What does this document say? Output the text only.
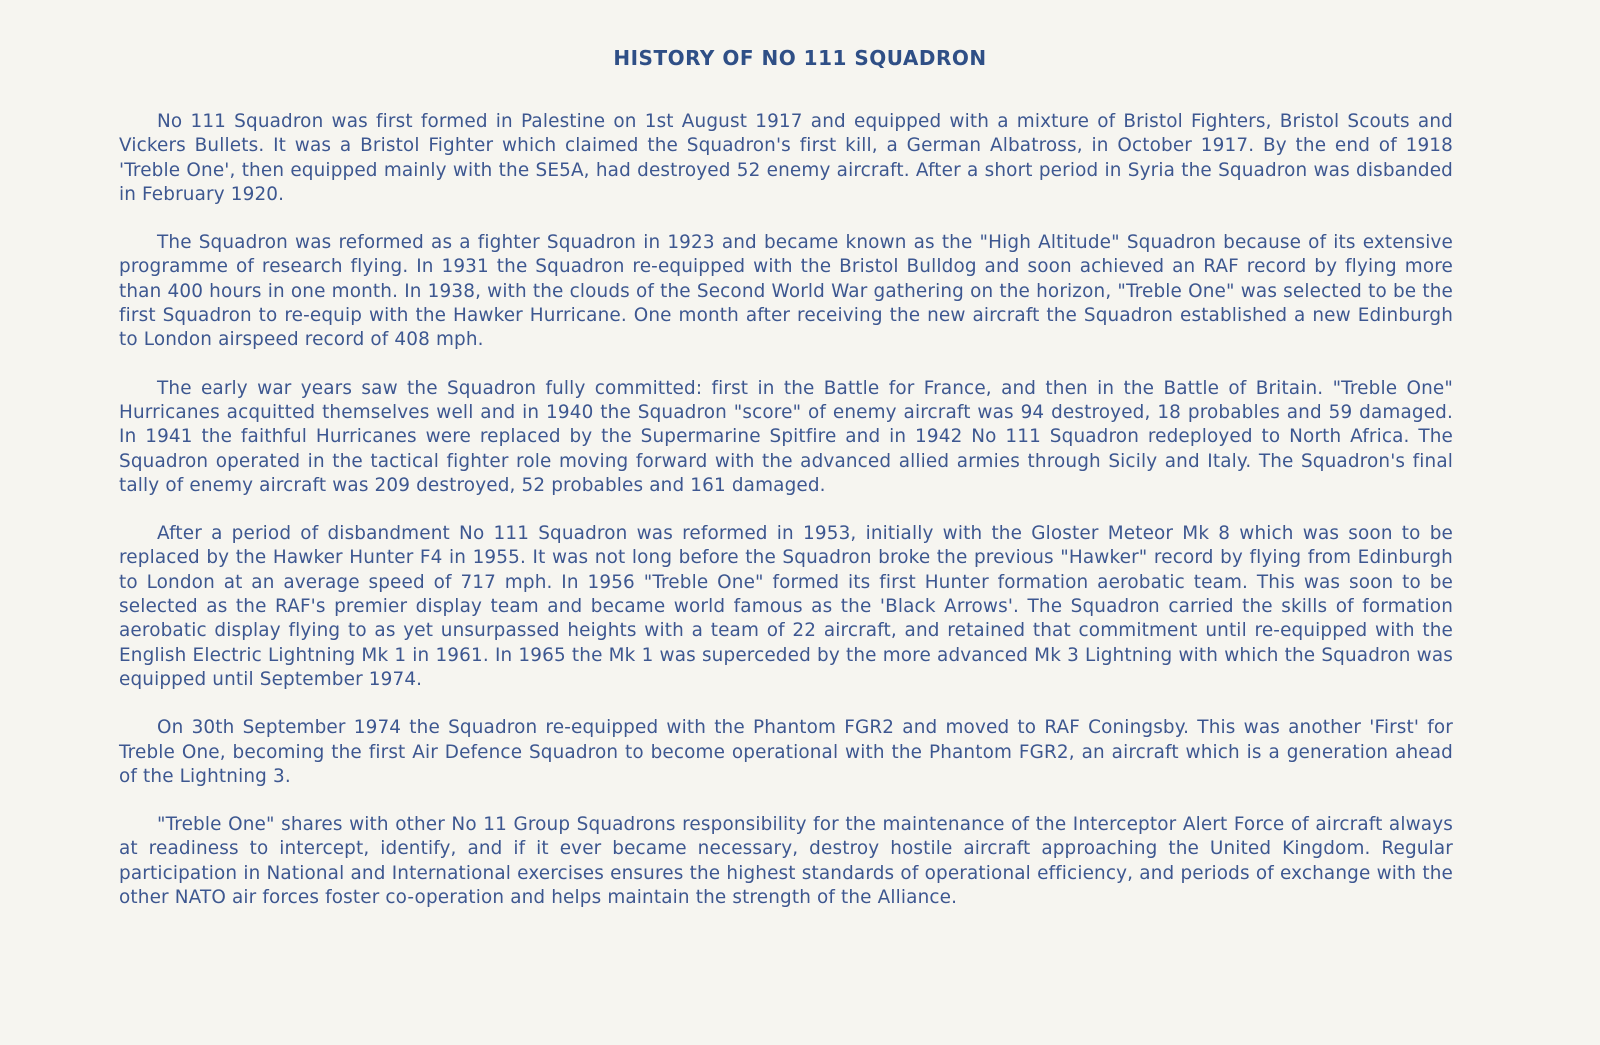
HISTORY OF NO 111 SQUADRON

No 111 Squadron was first formed in Palestine on 1st August 1917 and equipped with a mixture of Bristol Fighters, Bristol Scouts and Vickers Bullets. It was a Bristol Fighter which claimed the Squadron's first kill, a German Albatross, in October 1917. By the end of 1918 'Treble One', then equipped mainly with the SE5A, had destroyed 52 enemy aircraft. After a short period in Syria the Squadron was disbanded in February 1920.

The Squadron was reformed as a fighter Squadron in 1923 and became known as the "High Altitude" Squadron because of its extensive programme of research flying. In 1931 the Squadron re-equipped with the Bristol Bulldog and soon achieved an RAF record by flying more than 400 hours in one month. In 1938, with the clouds of the Second World War gathering on the horizon, "Treble One" was selected to be the first Squadron to re-equip with the Hawker Hurricane. One month after receiving the new aircraft the Squadron established a new Edinburgh to London airspeed record of 408 mph.

The early war years saw the Squadron fully committed: first in the Battle for France, and then in the Battle of Britain. "Treble One" Hurricanes acquitted themselves well and in 1940 the Squadron "score" of enemy aircraft was 94 destroyed, 18 probables and 59 damaged. In 1941 the faithful Hurricanes were replaced by the Supermarine Spitfire and in 1942 No 111 Squadron redeployed to North Africa. The Squadron operated in the tactical fighter role moving forward with the advanced allied armies through Sicily and Italy. The Squadron's final tally of enemy aircraft was 209 destroyed, 52 probables and 161 damaged.

After a period of disbandment No 111 Squadron was reformed in 1953, initially with the Gloster Meteor Mk 8 which was soon to be replaced by the Hawker Hunter F4 in 1955. It was not long before the Squadron broke the previous "Hawker" record by flying from Edinburgh to London at an average speed of 717 mph. In 1956 "Treble One" formed its first Hunter formation aerobatic team. This was soon to be selected as the RAF's premier display team and became world famous as the 'Black Arrows'. The Squadron carried the skills of formation aerobatic display flying to as yet unsurpassed heights with a team of 22 aircraft, and retained that commitment until re-equipped with the English Electric Lightning Mk 1 in 1961. In 1965 the Mk 1 was superceded by the more advanced Mk 3 Lightning with which the Squadron was equipped until September 1974.

On 30th September 1974 the Squadron re-equipped with the Phantom FGR2 and moved to RAF Coningsby. This was another 'First' for Treble One, becoming the first Air Defence Squadron to become operational with the Phantom FGR2, an aircraft which is a generation ahead of the Lightning 3.

"Treble One" shares with other No 11 Group Squadrons responsibility for the maintenance of the Interceptor Alert Force of aircraft always at readiness to intercept, identify, and if it ever became necessary, destroy hostile aircraft approaching the United Kingdom. Regular participation in National and International exercises ensures the highest standards of operational efficiency, and periods of exchange with the other NATO air forces foster co-operation and helps maintain the strength of the Alliance.
